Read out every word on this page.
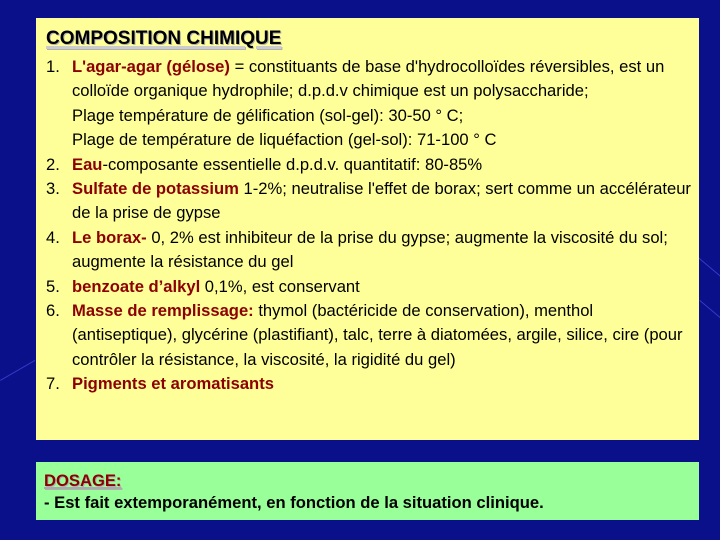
COMPOSITION CHIMIQUE
1. L'agar-agar (gélose) = constituants de base d'hydrocolloïdes réversibles, est un colloïde organique hydrophile; d.p.d.v chimique est un polysaccharide;
Plage température de gélification (sol-gel): 30-50 ° C;
Plage de température de liquéfaction (gel-sol): 71-100 ° C
2. Eau-composante essentielle d.p.d.v. quantitatif: 80-85%
3. Sulfate de potassium 1-2%; neutralise l'effet de borax; sert comme un accélérateur de la prise de gypse
4. Le borax- 0, 2% est inhibiteur de la prise du gypse; augmente la viscosité du sol; augmente la résistance du gel
5. benzoate d’alkyl 0,1%, est conservant
6. Masse de remplissage: thymol (bactéricide de conservation), menthol (antiseptique), glycérine (plastifiant), talc, terre à diatomées, argile, silice, cire (pour contrôler la résistance, la viscosité, la rigidité du gel)
7. Pigments et aromatisants
DOSAGE:
- Est fait extemporanément, en fonction de la situation clinique.
